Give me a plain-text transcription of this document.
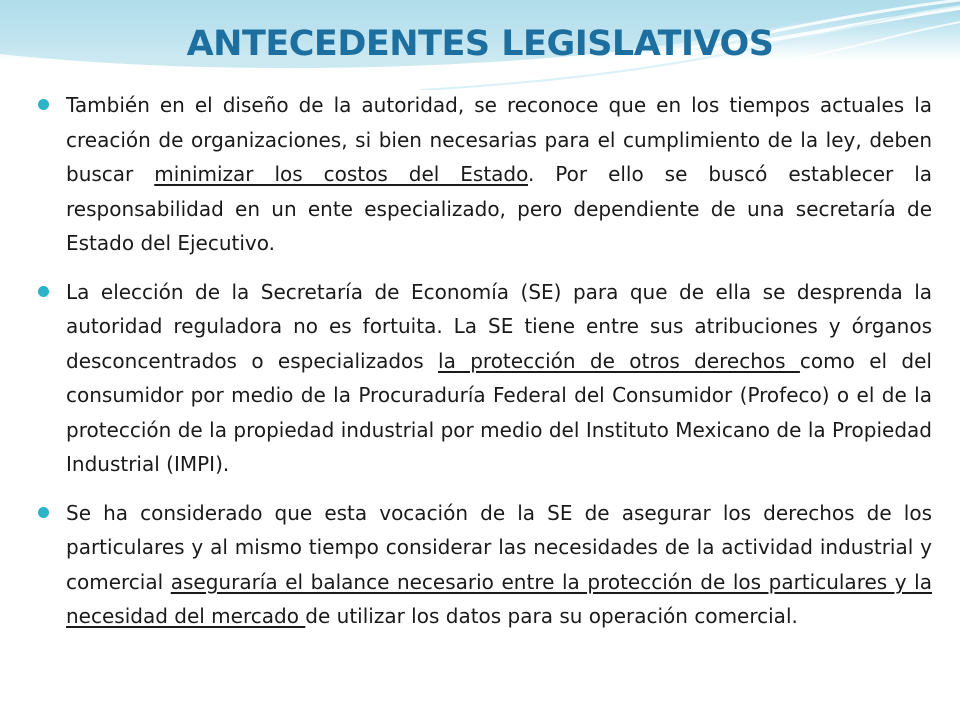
ANTECEDENTES LEGISLATIVOS

También en el diseño de la autoridad, se reconoce que en los tiempos actuales la creación de organizaciones, si bien necesarias para el cumplimiento de la ley, deben buscar minimizar los costos del Estado. Por ello se buscó establecer la responsabilidad en un ente especializado, pero dependiente de una secretaría de Estado del Ejecutivo.

La elección de la Secretaría de Economía (SE) para que de ella se desprenda la autoridad reguladora no es fortuita. La SE tiene entre sus atribuciones y órganos desconcentrados o especializados la protección de otros derechos como el del consumidor por medio de la Procuraduría Federal del Consumidor (Profeco) o el de la protección de la propiedad industrial por medio del Instituto Mexicano de la Propiedad Industrial (IMPI).

Se ha considerado que esta vocación de la SE de asegurar los derechos de los particulares y al mismo tiempo considerar las necesidades de la actividad industrial y comercial aseguraría el balance necesario entre la protección de los particulares y la necesidad del mercado de utilizar los datos para su operación comercial.
